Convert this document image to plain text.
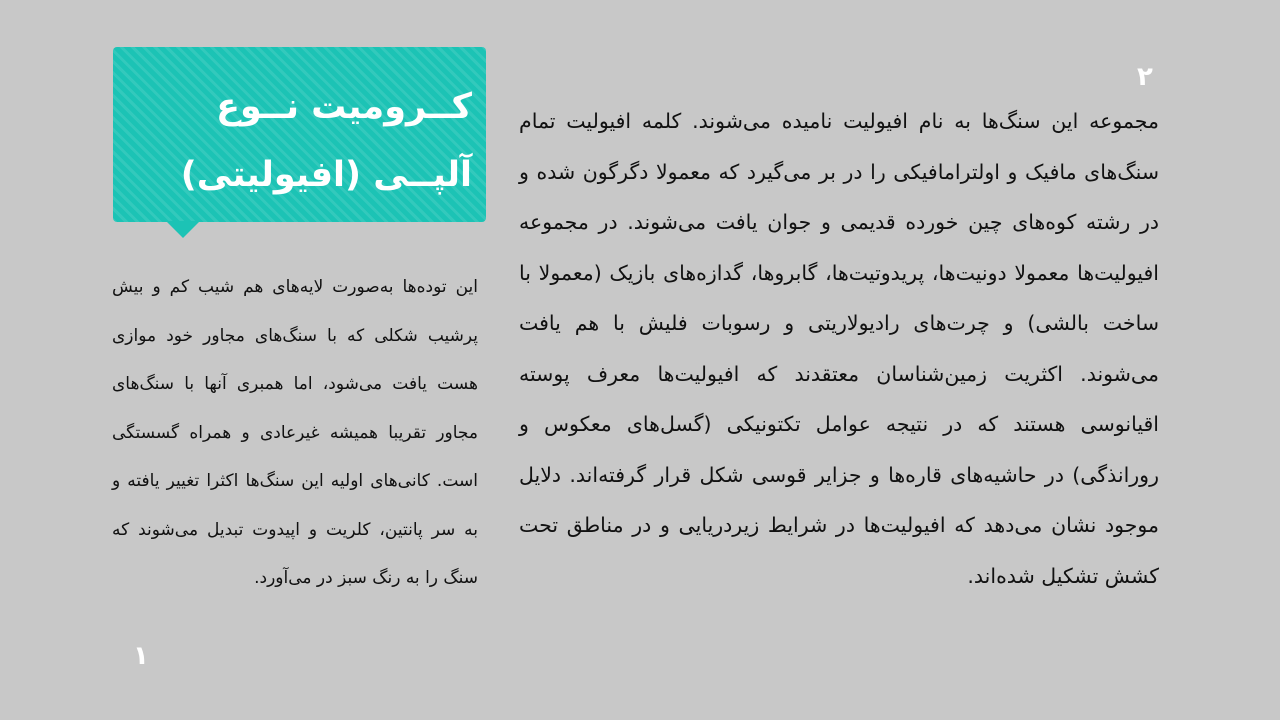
کــرومیت نــوع آلپــی (افیولیتی)

این توده‌ها به‌صورت لایه‌های هم شیب کم و بیش پرشیب شکلی که با سنگ‌های مجاور خود موازی هست یافت می‌شود، اما همبری آنها با سنگ‌های مجاور تقریبا همیشه غیرعادی و همراه گسستگی است. کانی‌های اولیه این سنگ‌ها اکثرا تغییر یافته و به سر پانتین، کلریت و اپیدوت تبدیل می‌شوند که سنگ را به رنگ سبز در می‌آورد.

مجموعه این سنگ‌ها به نام افیولیت نامیده می‌شوند. کلمه افیولیت تمام سنگ‌های مافیک و اولترامافیکی را در بر می‌گیرد که معمولا دگرگون شده و در رشته کوه‌های چین خورده قدیمی و جوان یافت می‌شوند. در مجموعه افیولیت‌ها معمولا دونیت‌ها، پریدوتیت‌ها، گابروها، گدازه‌های بازیک (معمولا با ساخت بالشی) و چرت‌های رادیولاریتی و رسوبات فلیش با هم یافت می‌شوند. اکثریت زمین‌شناسان معتقدند که افیولیت‌ها معرف پوسته اقیانوسی هستند که در نتیجه عوامل تکتونیکی (گسل‌های معکوس و رورانذگی) در حاشیه‌های قاره‌ها و جزایر قوسی شکل قرار گرفته‌اند. دلایل موجود نشان می‌دهد که افیولیت‌ها در شرایط زیردریایی و در مناطق تحت کشش تشکیل شده‌اند.

۱
۲
